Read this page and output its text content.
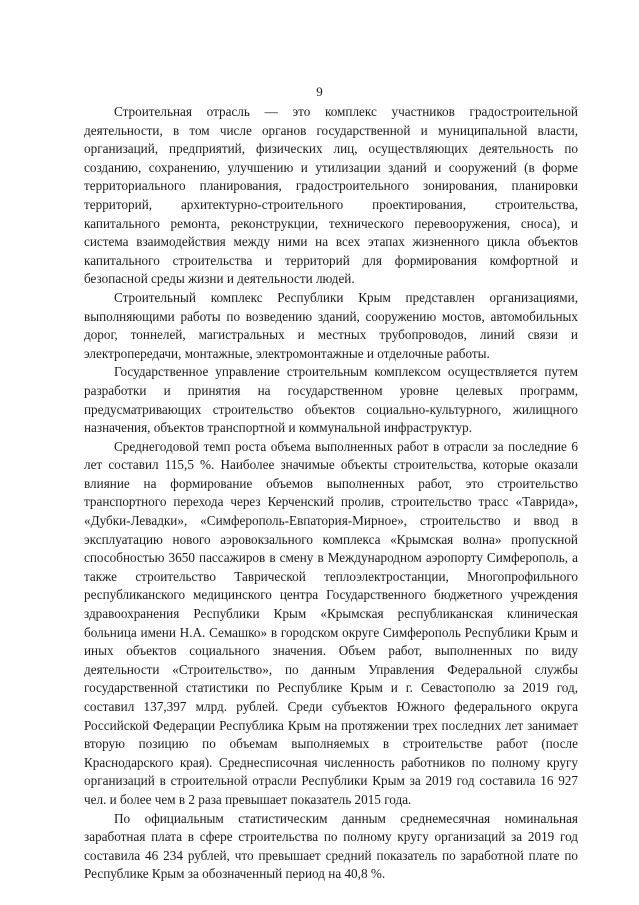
9

Строительная отрасль — это комплекс участников градостроительной деятельности, в том числе органов государственной и муниципальной власти, организаций, предприятий, физических лиц, осуществляющих деятельность по созданию, сохранению, улучшению и утилизации зданий и сооружений (в форме территориального планирования, градостроительного зонирования, планировки территорий, архитектурно-строительного проектирования, строительства, капитального ремонта, реконструкции, технического перевооружения, сноса), и система взаимодействия между ними на всех этапах жизненного цикла объектов капитального строительства и территорий для формирования комфортной и безопасной среды жизни и деятельности людей.

Строительный комплекс Республики Крым представлен организациями, выполняющими работы по возведению зданий, сооружению мостов, автомобильных дорог, тоннелей, магистральных и местных трубопроводов, линий связи и электропередачи, монтажные, электромонтажные и отделочные работы.

Государственное управление строительным комплексом осуществляется путем разработки и принятия на государственном уровне целевых программ, предусматривающих строительство объектов социально-культурного, жилищного назначения, объектов транспортной и коммунальной инфраструктур.

Среднегодовой темп роста объема выполненных работ в отрасли за последние 6 лет составил 115,5 %. Наиболее значимые объекты строительства, которые оказали влияние на формирование объемов выполненных работ, это строительство транспортного перехода через Керченский пролив, строительство трасс «Таврида», «Дубки-Левадки», «Симферополь-Евпатория-Мирное», строительство и ввод в эксплуатацию нового аэровокзального комплекса «Крымская волна» пропускной способностью 3650 пассажиров в смену в Международном аэропорту Симферополь, а также строительство Таврической теплоэлектростанции, Многопрофильного республиканского медицинского центра Государственного бюджетного учреждения здравоохранения Республики Крым «Крымская республиканская клиническая больница имени Н.А. Семашко» в городском округе Симферополь Республики Крым и иных объектов социального значения. Объем работ, выполненных по виду деятельности «Строительство», по данным Управления Федеральной службы государственной статистики по Республике Крым и г. Севастополю за 2019 год, составил 137,397 млрд. рублей. Среди субъектов Южного федерального округа Российской Федерации Республика Крым на протяжении трех последних лет занимает вторую позицию по объемам выполняемых в строительстве работ (после Краснодарского края). Среднесписочная численность работников по полному кругу организаций в строительной отрасли Республики Крым за 2019 год составила 16 927 чел. и более чем в 2 раза превышает показатель 2015 года.

По официальным статистическим данным среднемесячная номинальная заработная плата в сфере строительства по полному кругу организаций за 2019 год составила 46 234 рублей, что превышает средний показатель по заработной плате по Республике Крым за обозначенный период на 40,8 %.
